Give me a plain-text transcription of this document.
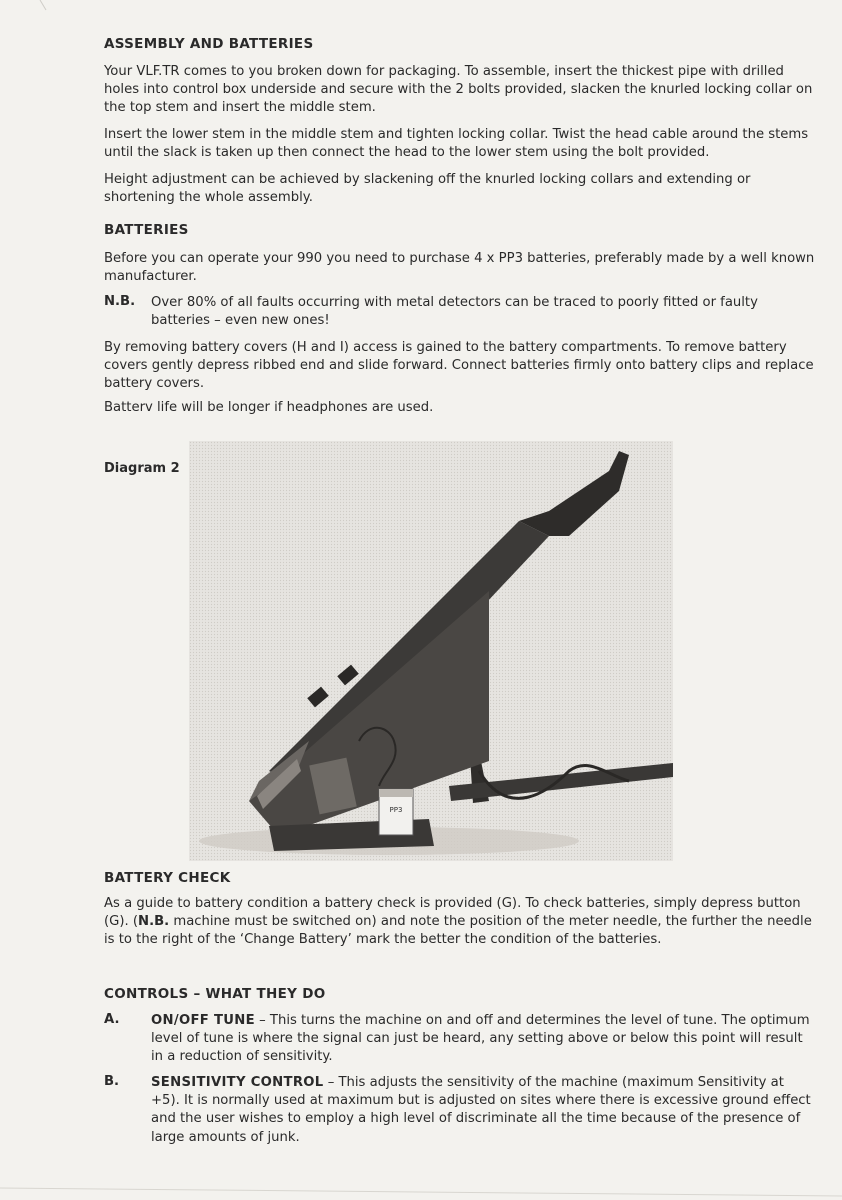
ASSEMBLY AND BATTERIES

Your VLF.TR comes to you broken down for packaging. To assemble, insert the thickest pipe with drilled holes into control box underside and secure with the 2 bolts provided, slacken the knurled locking collar on the top stem and insert the middle stem.

Insert the lower stem in the middle stem and tighten locking collar. Twist the head cable around the stems until the slack is taken up then connect the head to the lower stem using the bolt provided.

Height adjustment can be achieved by slackening off the knurled locking collars and extending or shortening the whole assembly.

BATTERIES

Before you can operate your 990 you need to purchase 4 x PP3 batteries, preferably made by a well known manufacturer.

N.B. Over 80% of all faults occurring with metal detectors can be traced to poorly fitted or faulty batteries – even new ones!

By removing battery covers (H and I) access is gained to the battery compartments. To remove battery covers gently depress ribbed end and slide forward. Connect batteries firmly onto battery clips and replace battery covers.

Batterv life will be longer if headphones are used.

Diagram 2
PP3
BATTERY CHECK

As a guide to battery condition a battery check is provided (G). To check batteries, simply depress button (G). (N.B. machine must be switched on) and note the position of the meter needle, the further the needle is to the right of the ‘Change Battery’ mark the better the condition of the batteries.

CONTROLS – WHAT THEY DO
A. ON/OFF TUNE – This turns the machine on and off and determines the level of tune. The optimum level of tune is where the signal can just be heard, any setting above or below this point will result in a reduction of sensitivity.

B. SENSITIVITY CONTROL – This adjusts the sensitivity of the machine (maximum Sensitivity at +5). It is normally used at maximum but is adjusted on sites where there is excessive ground effect and the user wishes to employ a high level of discriminate all the time because of the presence of large amounts of junk.
